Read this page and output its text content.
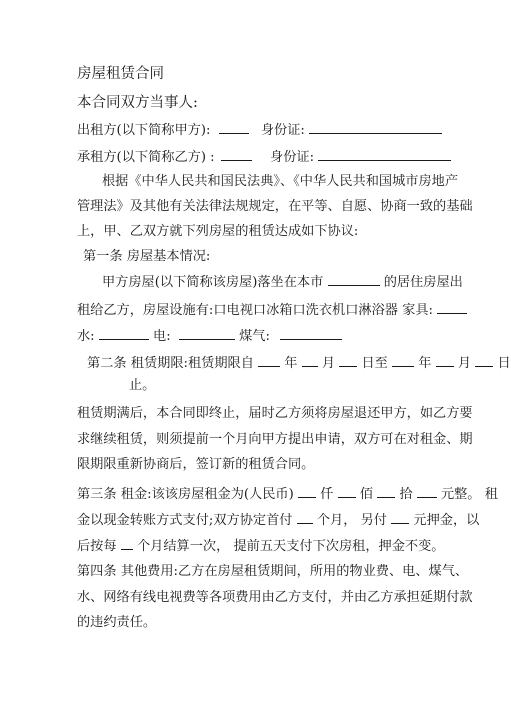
房屋租赁合同
本合同双方当事人:
出租方(以下简称甲方):	身份证:
承租方(以下简称乙方) :	身份证:
根据《中华人民共和国民法典》、《中华人民共和国城市房地产
管理法》及其他有关法律法规规定，在平等、自愿、协商一致的基础
上，甲、乙双方就下列房屋的租赁达成如下协议:
第一条 房屋基本情况:
甲方房屋(以下简称该房屋)落坐在本市	的居住房屋出
租给乙方，房屋设施有:口电视口冰箱口洗衣机口淋浴器 家具:
水:	电:	煤气:
第二条 租赁期限:租赁期限自 年 月 日至 年 月 日
止。
租赁期满后，本合同即终止，届时乙方须将房屋退还甲方，如乙方要
求继续租赁，则须提前一个月向甲方提出申请，双方可在对租金、期
限期限重新协商后，签订新的租赁合同。
第三条 租金:该该房屋租金为(人民币) 仟 佰 拾 元整。 租
金以现金转账方式支付;双方协定首付 个月， 另付 元押金，以
后按每 个月结算一次， 提前五天支付下次房租，押金不变。
第四条 其他费用:乙方在房屋租赁期间，所用的物业费、电、煤气、
水、网络有线电视费等各项费用由乙方支付，并由乙方承担延期付款
的违约责任。
